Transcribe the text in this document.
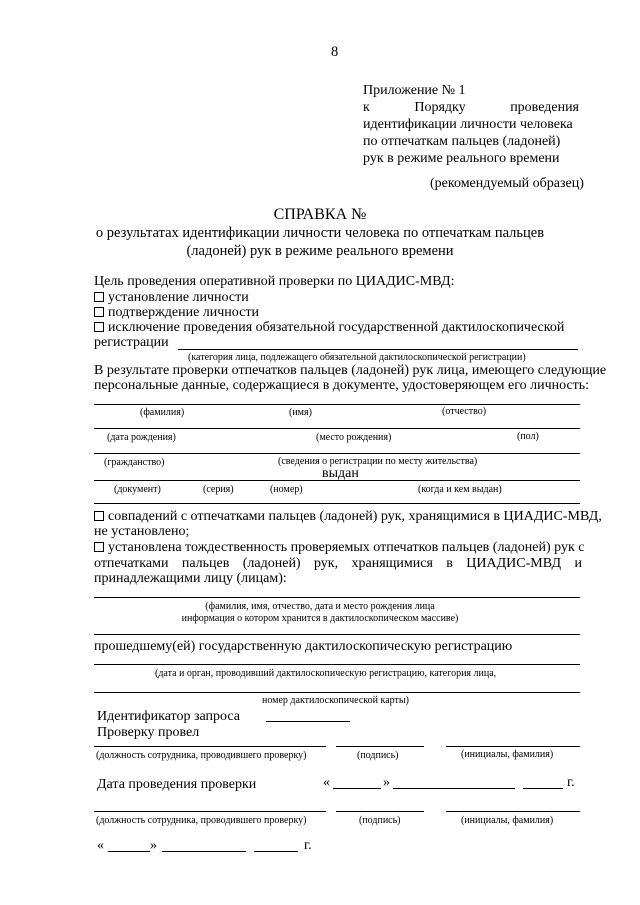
8
Приложение № 1
к	Порядку	проведения
идентификации личности человека
по отпечаткам пальцев (ладоней)
рук в режиме реального времени
(рекомендуемый образец)
СПРАВКА №
о результатах идентификации личности человека по отпечаткам пальцев
(ладоней) рук в режиме реального времени
Цель проведения оперативной проверки по ЦИАДИС-МВД:
установление личности
подтверждение личности
исключение проведения обязательной государственной дактилоскопической
регистрации
(категория лица, подлежащего обязательной дактилоскопической регистрации)
В результате проверки отпечатков пальцев (ладоней) рук лица, имеющего следующие
персональные данные, содержащиеся в документе, удостоверяющем его личность:
(фамилия)	(имя)	(отчество)
(дата рождения)	(место рождения)	(пол)
(гражданство)	(сведения о регистрации по месту жительства)
выдан
(документ)	(серия)	(номер)	(когда и кем выдан)
совпадений с отпечатками пальцев (ладоней) рук, хранящимися в ЦИАДИС-МВД,
не установлено;
установлена тождественность проверяемых отпечатков пальцев (ладоней) рук с
отпечатками пальцев (ладоней) рук, хранящимися в ЦИАДИС-МВД и
принадлежащими лицу (лицам):
(фамилия, имя, отчество, дата и место рождения лица
информация о котором хранится в дактилоскопическом массиве)
прошедшему(ей) государственную дактилоскопическую регистрацию
(дата и орган, проводивший дактилоскопическую регистрацию, категория лица,
номер дактилоскопической карты)
Идентификатор запроса
Проверку провел
(должность сотрудника, проводившего проверку)	(подпись)	(инициалы, фамилия)
Дата проведения проверки	«	»	г.
(должность сотрудника, проводившего проверку)	(подпись)	(инициалы, фамилия)
«	»	г.
